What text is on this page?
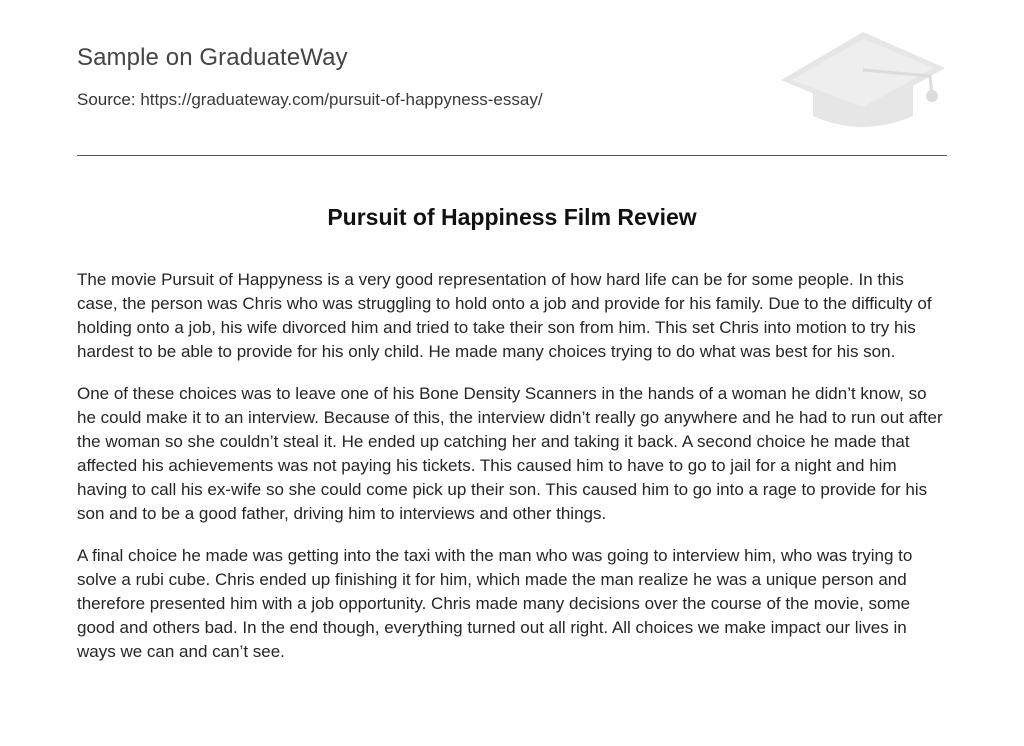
Sample on GraduateWay
Source: https://graduateway.com/pursuit-of-happyness-essay/
Pursuit of Happiness Film Review

The movie Pursuit of Happyness is a very good representation of how hard life can be for some people. In this case, the person was Chris who was struggling to hold onto a job and provide for his family. Due to the difficulty of holding onto a job, his wife divorced him and tried to take their son from him. This set Chris into motion to try his hardest to be able to provide for his only child. He made many choices trying to do what was best for his son.

One of these choices was to leave one of his Bone Density Scanners in the hands of a woman he didn’t know, so he could make it to an interview. Because of this, the interview didn’t really go anywhere and he had to run out after the woman so she couldn’t steal it. He ended up catching her and taking it back. A second choice he made that affected his achievements was not paying his tickets. This caused him to have to go to jail for a night and him having to call his ex-wife so she could come pick up their son. This caused him to go into a rage to provide for his son and to be a good father, driving him to interviews and other things.

A final choice he made was getting into the taxi with the man who was going to interview him, who was trying to solve a rubi cube. Chris ended up finishing it for him, which made the man realize he was a unique person and therefore presented him with a job opportunity. Chris made many decisions over the course of the movie, some good and others bad. In the end though, everything turned out all right. All choices we make impact our lives in ways we can and can’t see.
